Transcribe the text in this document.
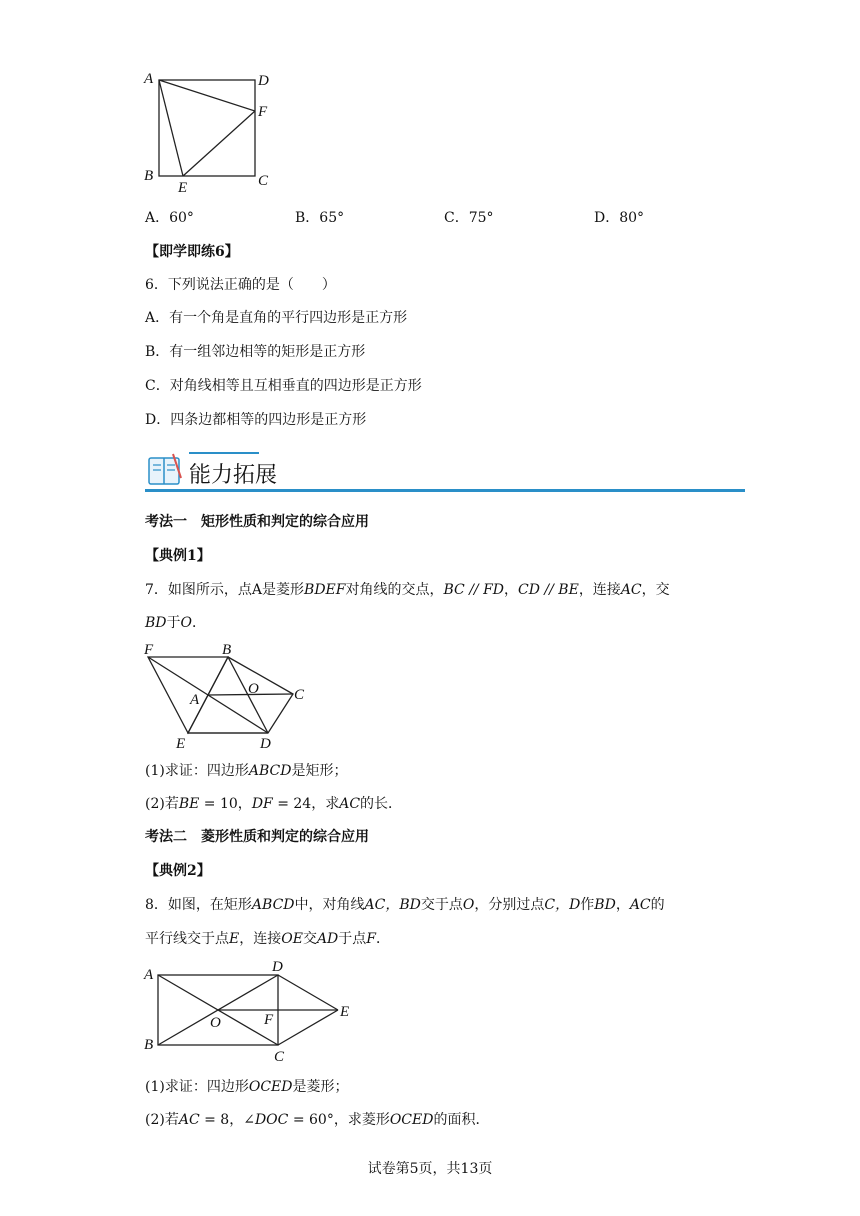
A	D
F
B
E	C
A．60°	B．65°	C．75°	D．80°
【即学即练6】
6．下列说法正确的是（　　）
A．有一个角是直角的平行四边形是正方形
B．有一组邻边相等的矩形是正方形
C．对角线相等且互相垂直的四边形是正方形
D．四条边都相等的四边形是正方形
能力拓展
考法一　矩形性质和判定的综合应用
【典例1】
7．如图所示，点A是菱形BDEF对角线的交点，BC // FD，CD // BE，连接AC，交
BD于O．
F	B
A
O C
E	D
(1)求证：四边形ABCD是矩形；
(2)若BE = 10，DF = 24，求AC的长．
考法二　菱形性质和判定的综合应用
【典例2】
8．如图，在矩形ABCD中，对角线AC，BD交于点O，分别过点C，D作BD，AC的
平行线交于点E，连接OE交AD于点F．
A	D
E
O	F
B
C
(1)求证：四边形OCED是菱形；
(2)若AC = 8，∠DOC = 60°，求菱形OCED的面积．
试卷第5页，共13页
